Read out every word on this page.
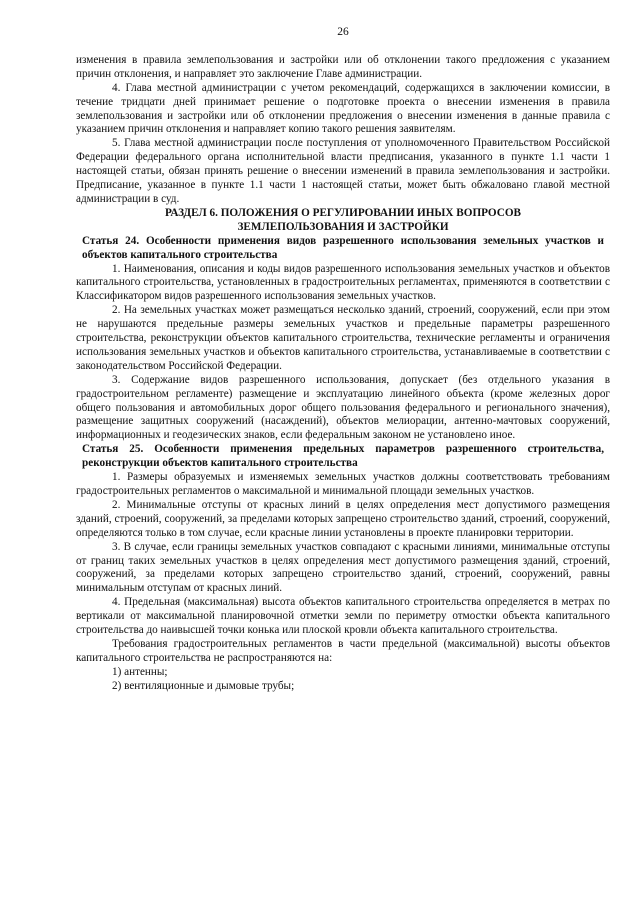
26

изменения в правила землепользования и застройки или об отклонении такого предложения с указанием причин отклонения, и направляет это заключение Главе администрации.

4. Глава местной администрации с учетом рекомендаций, содержащихся в заключении комиссии, в течение тридцати дней принимает решение о подготовке проекта о внесении изменения в правила землепользования и застройки или об отклонении предложения о внесении изменения в данные правила с указанием причин отклонения и направляет копию такого решения заявителям.

5. Глава местной администрации после поступления от уполномоченного Правительством Российской Федерации федерального органа исполнительной власти предписания, указанного в пункте 1.1 части 1 настоящей статьи, обязан принять решение о внесении изменений в правила землепользования и застройки. Предписание, указанное в пункте 1.1 части 1 настоящей статьи, может быть обжаловано главой местной администрации в суд.

РАЗДЕЛ 6. ПОЛОЖЕНИЯ О РЕГУЛИРОВАНИИ ИНЫХ ВОПРОСОВ
ЗЕМЛЕПОЛЬЗОВАНИЯ И ЗАСТРОЙКИ

Статья 24. Особенности применения видов разрешенного использования земельных участков и объектов капитального строительства

1. Наименования, описания и коды видов разрешенного использования земельных участков и объектов капитального строительства, установленных в градостроительных регламентах, применяются в соответствии с Классификатором видов разрешенного использования земельных участков.

2. На земельных участках может размещаться несколько зданий, строений, сооружений, если при этом не нарушаются предельные размеры земельных участков и предельные параметры разрешенного строительства, реконструкции объектов капитального строительства, технические регламенты и ограничения использования земельных участков и объектов капитального строительства, устанавливаемые в соответствии с законодательством Российской Федерации.

3. Содержание видов разрешенного использования, допускает (без отдельного указания в градостроительном регламенте) размещение и эксплуатацию линейного объекта (кроме железных дорог общего пользования и автомобильных дорог общего пользования федерального и регионального значения), размещение защитных сооружений (насаждений), объектов мелиорации, антенно-мачтовых сооружений, информационных и геодезических знаков, если федеральным законом не установлено иное.

Статья 25. Особенности применения предельных параметров разрешенного строительства, реконструкции объектов капитального строительства

1. Размеры образуемых и изменяемых земельных участков должны соответствовать требованиям градостроительных регламентов о максимальной и минимальной площади земельных участков.

2. Минимальные отступы от красных линий в целях определения мест допустимого размещения зданий, строений, сооружений, за пределами которых запрещено строительство зданий, строений, сооружений, определяются только в том случае, если красные линии установлены в проекте планировки территории.

3. В случае, если границы земельных участков совпадают с красными линиями, минимальные отступы от границ таких земельных участков в целях определения мест допустимого размещения зданий, строений, сооружений, за пределами которых запрещено строительство зданий, строений, сооружений, равны минимальным отступам от красных линий.

4. Предельная (максимальная) высота объектов капитального строительства определяется в метрах по вертикали от максимальной планировочной отметки земли по периметру отмостки объекта капитального строительства до наивысшей точки конька или плоской кровли объекта капитального строительства.

Требования градостроительных регламентов в части предельной (максимальной) высоты объектов капитального строительства не распространяются на:

1) антенны;

2) вентиляционные и дымовые трубы;
